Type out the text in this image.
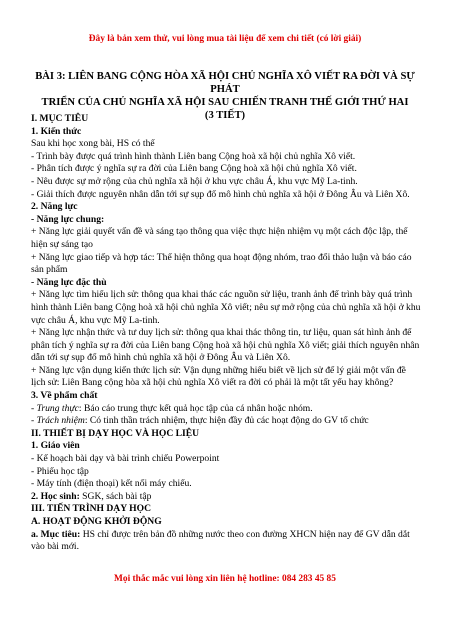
Đây là bản xem thử, vui lòng mua tài liệu để xem chi tiết (có lời giải)
BÀI 3: LIÊN BANG CỘNG HÒA XÃ HỘI CHỦ NGHĨA XÔ VIẾT RA ĐỜI VÀ SỰ PHÁT
TRIỂN CỦA CHỦ NGHĨA XÃ HỘI SAU CHIẾN TRANH THẾ GIỚI THỨ HAI
(3 TIẾT)

I. MỤC TIÊU

1. Kiến thức

Sau khi học xong bài, HS có thể

- Trình bày được quá trình hình thành Liên bang Cộng hoà xã hội chủ nghĩa Xô viết.

- Phân tích được ý nghĩa sự ra đời của Liên bang Cộng hoà xã hội chủ nghĩa Xô viết.

- Nêu được sự mở rộng của chủ nghĩa xã hội ở khu vực châu Á, khu vực Mỹ La-tinh.

- Giải thích được nguyên nhân dẫn tới sự sụp đổ mô hình chủ nghĩa xã hội ở Đông Âu và Liên Xô.

2. Năng lực

- Năng lực chung:

+ Năng lực giải quyết vấn đề và sáng tạo thông qua việc thực hiện nhiệm vụ một cách độc lập, thể hiện sự sáng tạo

+ Năng lực giao tiếp và hợp tác: Thể hiện thông qua hoạt động nhóm, trao đổi thảo luận và báo cáo sản phẩm

- Năng lực đặc thù

+ Năng lực tìm hiểu lịch sử: thông qua khai thác các nguồn sử liệu, tranh ảnh để trình bày quá trình hình thành Liên bang Cộng hoà xã hội chủ nghĩa Xô viết; nêu sự mở rộng của chủ nghĩa xã hội ở khu vực châu Á, khu vực Mỹ La-tinh.

+ Năng lực nhận thức và tư duy lịch sử: thông qua khai thác thông tin, tư liệu, quan sát hình ảnh để phân tích ý nghĩa sự ra đời của Liên bang Cộng hoà xã hội chủ nghĩa Xô viết; giải thích nguyên nhân dẫn tới sự sụp đổ mô hình chủ nghĩa xã hội ở Đông Âu và Liên Xô.

+ Năng lực vận dụng kiến thức lịch sử: Vận dụng những hiểu biết về lịch sử để lý giải một vấn đề lịch sử: Liên Bang cộng hòa xã hội chủ nghĩa Xô viết ra đời có phải là một tất yếu hay không?

3. Về phẩm chất

- Trung thực: Báo cáo trung thực kết quả học tập của cá nhân hoặc nhóm.

- Trách nhiệm: Có tinh thần trách nhiệm, thực hiện đầy đủ các hoạt động do GV tổ chức

II. THIẾT BỊ DẠY HỌC VÀ HỌC LIỆU

1. Giáo viên

- Kế hoạch bài dạy và bài trình chiếu Powerpoint

- Phiếu học tập

- Máy tính (điện thoại) kết nối máy chiếu.

2. Học sinh: SGK, sách bài tập

III. TIẾN TRÌNH DẠY HỌC

A. HOẠT ĐỘNG KHỞI ĐỘNG

a. Mục tiêu: HS chỉ được trên bản đồ những nước theo con đường XHCN hiện nay để GV dẫn dắt vào bài mới.

Mọi thắc mắc vui lòng xin liên hệ hotline: 084 283 45 85
